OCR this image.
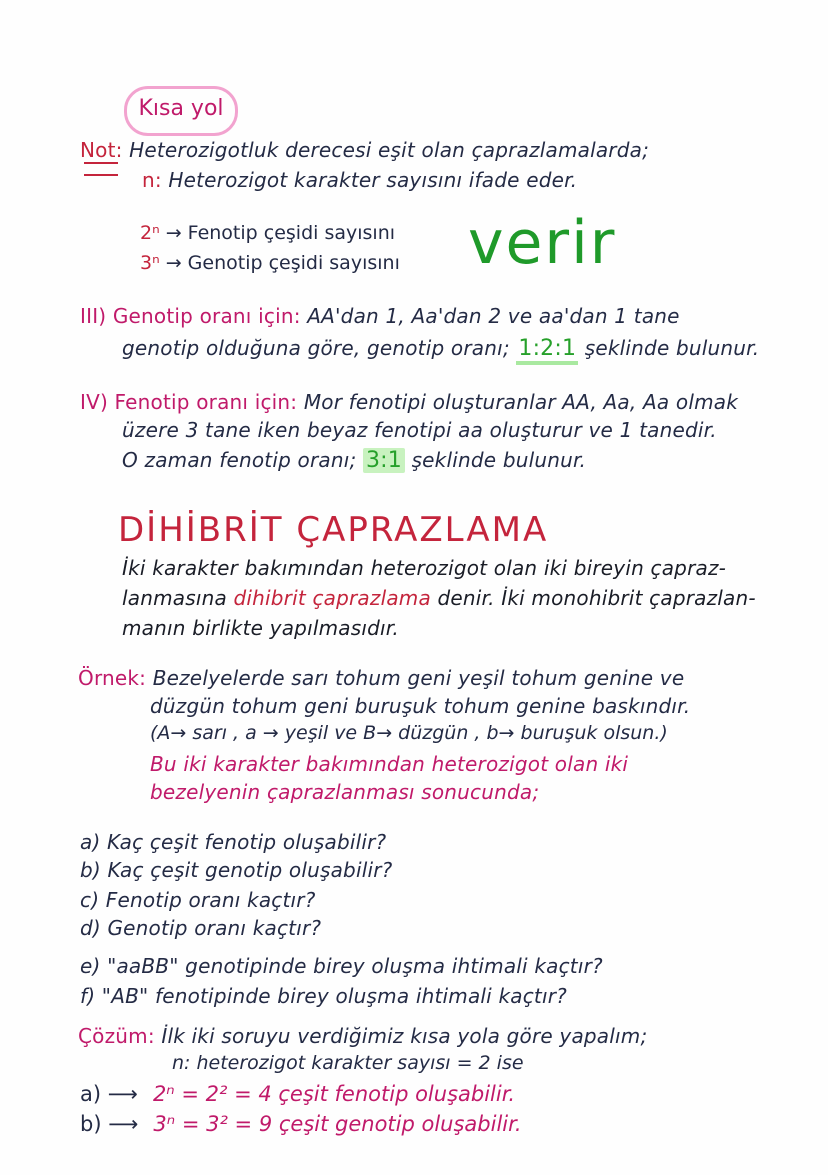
Kısa yol
Not: Heterozigotluk derecesi eşit olan çaprazlamalarda;
n: Heterozigot karakter sayısını ifade eder.
2ⁿ → Fenotip çeşidi sayısını
3ⁿ → Genotip çeşidi sayısını verir
III) Genotip oranı için: AA'dan 1, Aa'dan 2 ve aa'dan 1 tane
genotip olduğuna göre, genotip oranı; 1:2:1 şeklinde bulunur.
IV) Fenotip oranı için: Mor fenotipi oluşturanlar AA, Aa, Aa olmak
üzere 3 tane iken beyaz fenotipi aa oluşturur ve 1 tanedir.
O zaman fenotip oranı; 3:1 şeklinde bulunur.
DİHİBRİT ÇAPRAZLAMA
İki karakter bakımından heterozigot olan iki bireyin çapraz-
lanmasına dihibrit çaprazlama denir. İki monohibrit çaprazlan-
manın birlikte yapılmasıdır.
Örnek: Bezelyelerde sarı tohum geni yeşil tohum genine ve
düzgün tohum geni buruşuk tohum genine baskındır.
(A→ sarı , a → yeşil ve B→ düzgün , b→ buruşuk olsun.)
Bu iki karakter bakımından heterozigot olan iki
bezelyenin çaprazlanması sonucunda;
a) Kaç çeşit fenotip oluşabilir?
b) Kaç çeşit genotip oluşabilir?
c) Fenotip oranı kaçtır?
d) Genotip oranı kaçtır?
e) "aaBB" genotipinde birey oluşma ihtimali kaçtır?
f) "AB" fenotipinde birey oluşma ihtimali kaçtır?
Çözüm: İlk iki soruyu verdiğimiz kısa yola göre yapalım;
n: heterozigot karakter sayısı = 2 ise
a) ⟶ 2ⁿ = 2² = 4 çeşit fenotip oluşabilir.
b) ⟶ 3ⁿ = 3² = 9 çeşit genotip oluşabilir.
